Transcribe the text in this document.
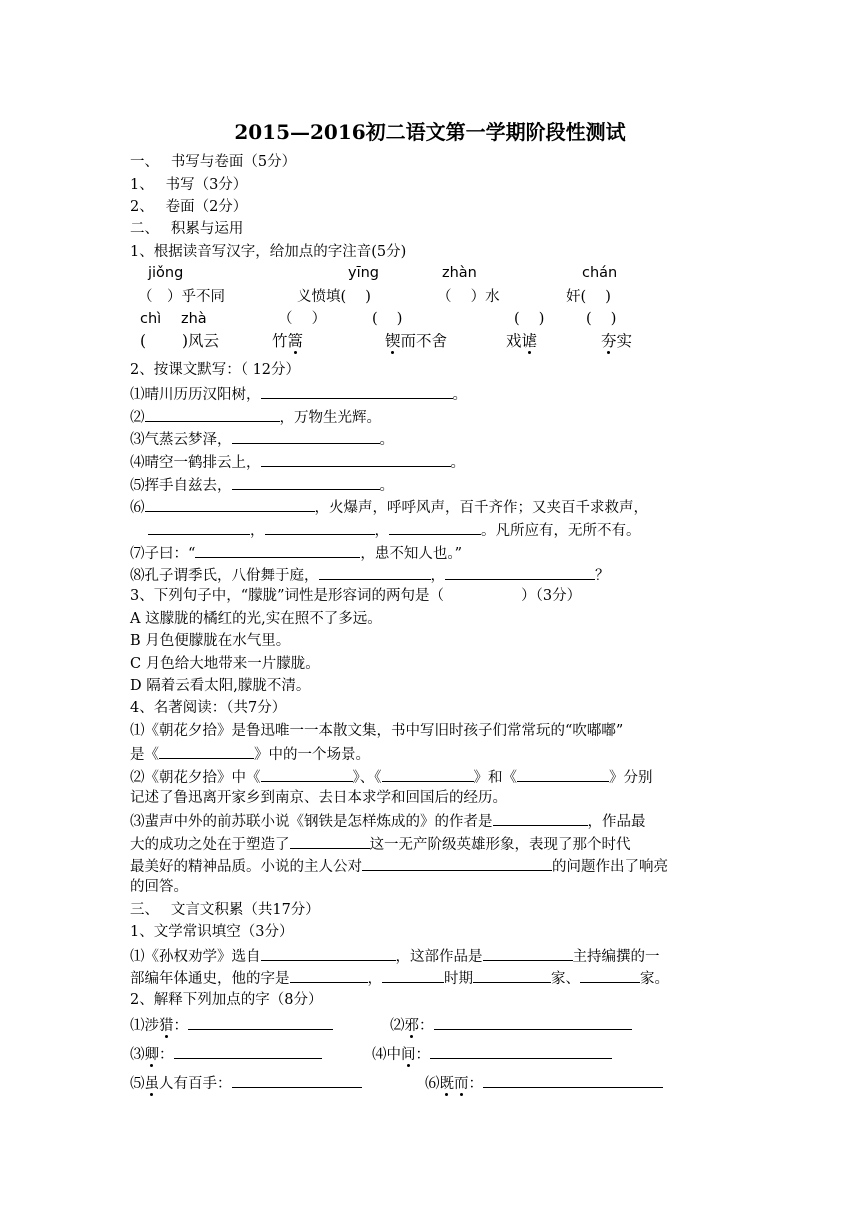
2015—2016初二语文第一学期阶段性测试
一、　 书写与卷面（5分）
1、　 书写（3分）
2、　 卷面（2分）
二、　 积累与运用
1、根据读音写汉字，给加点的字注音(5分)
jiǒng	yīng	zhàn	chán
（　）乎不同	义愤填(　 )	（　 ）水	奸(　 )
chì zhà	（　 ）	(　 )	(　 )	(　 )
(　　 )风云	竹篙	锲而不舍	戏谑	夯实
2、按课文默写：（ 12分）
⑴晴川历历汉阳树，	。
⑵	，万物生光辉。
⑶气蒸云梦泽，	。
⑷晴空一鹤排云上，	。
⑸挥手自兹去，	。
⑹	，火爆声，呼呼风声，百千齐作；又夹百千求救声，
，	，	。凡所应有，无所不有。
⑺子曰：“	，患不知人也。”
⑻孔子谓季氏，八佾舞于庭，	，	？
3、下列句子中，“朦胧”词性是形容词的两句是（　　　　　 ）（3分）
A 这朦胧的橘红的光,实在照不了多远。
B 月色便朦胧在水气里。
C 月色给大地带来一片朦胧。
D 隔着云看太阳,朦胧不清。
4、名著阅读：（共7分）
⑴《朝花夕拾》是鲁迅唯一一本散文集，书中写旧时孩子们常常玩的“吹嘟嘟”
是《	》中的一个场景。
⑵《朝花夕拾》中《	》、《	》和《	》分别
记述了鲁迅离开家乡到南京、去日本求学和回国后的经历。
⑶蜚声中外的前苏联小说《钢铁是怎样炼成的》的作者是	，作品最
大的成功之处在于塑造了	这一无产阶级英雄形象，表现了那个时代
最美好的精神品质。小说的主人公对	的问题作出了响亮
的回答。
三、　 文言文积累（共17分）
1、文学常识填空（3分）
⑴《孙权劝学》选自	，这部作品是	主持编撰的一
部编年体通史，他的字是	，	时期	家、	家。
2、解释下列加点的字（8分）
⑴涉猎：	⑵邪：
⑶卿：	⑷中间：
⑸虽人有百手：	⑹既而：
